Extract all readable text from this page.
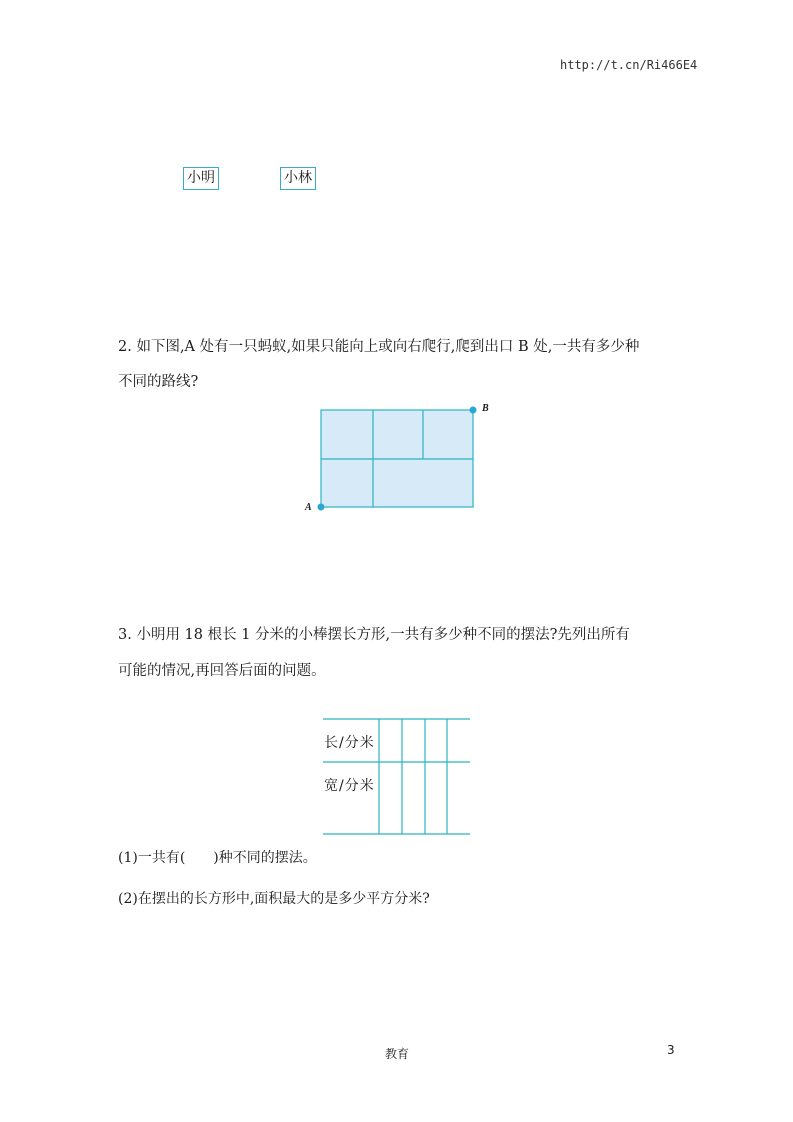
http://t.cn/Ri466E4
小明	小林
2. 如下图,A 处有一只蚂蚁,如果只能向上或向右爬行,爬到出口 B 处,一共有多少种
不同的路线?
A
B
3. 小明用 18 根长 1 分米的小棒摆长方形,一共有多少种不同的摆法?先列出所有
可能的情况,再回答后面的问题。
长/分米
宽/分米
(1)一共有(　　)种不同的摆法。
(2)在摆出的长方形中,面积最大的是多少平方分米?
教育	3
